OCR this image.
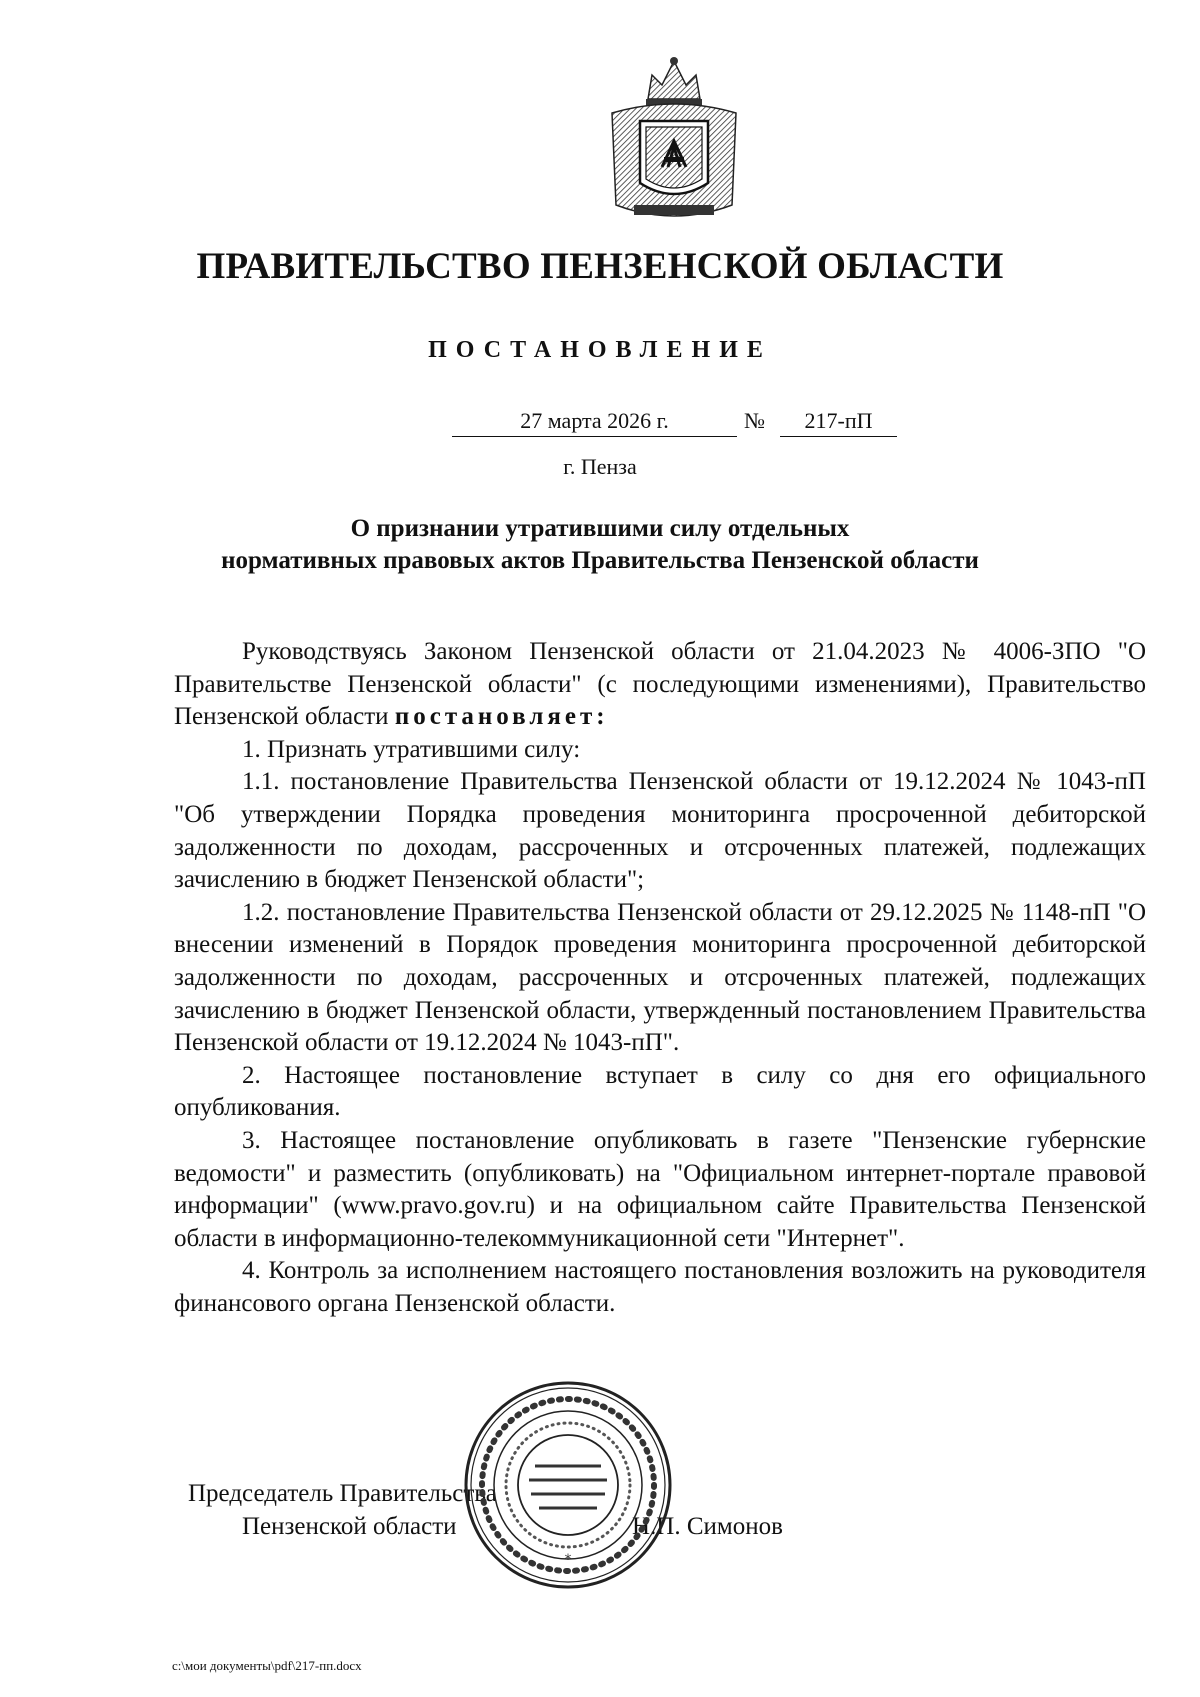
ПРАВИТЕЛЬСТВО ПЕНЗЕНСКОЙ ОБЛАСТИ
ПОСТАНОВЛЕНИЕ
27 марта 2026 г.	№	217-пП
г. Пенза
О признании утратившими силу отдельных
нормативных правовых актов Правительства Пензенской области

Руководствуясь Законом Пензенской области от 21.04.2023 № 4006-ЗПО "О Правительстве Пензенской области" (с последующими изменениями), Правительство Пензенской области постановляет:

1. Признать утратившими силу:

1.1. постановление Правительства Пензенской области от 19.12.2024 № 1043-пП "Об утверждении Порядка проведения мониторинга просроченной дебиторской задолженности по доходам, рассроченных и отсроченных платежей, подлежащих зачислению в бюджет Пензенской области";

1.2. постановление Правительства Пензенской области от 29.12.2025 № 1148-пП "О внесении изменений в Порядок проведения мониторинга просроченной дебиторской задолженности по доходам, рассроченных и отсроченных платежей, подлежащих зачислению в бюджет Пензенской области, утвержденный постановлением Правительства Пензенской области от 19.12.2024 № 1043-пП".

2. Настоящее постановление вступает в силу со дня его официального опубликования.

3. Настоящее постановление опубликовать в газете "Пензенские губернские ведомости" и разместить (опубликовать) на "Официальном интернет-портале правовой информации" (www.pravo.gov.ru) и на официальном сайте Правительства Пензенской области в информационно-телекоммуникационной сети "Интернет".

4. Контроль за исполнением настоящего постановления возложить на руководителя финансового органа Пензенской области.

Председатель Правительства
Пензенской области	Н.П. Симонов
*
c:\мои документы\pdf\217-пп.docx
